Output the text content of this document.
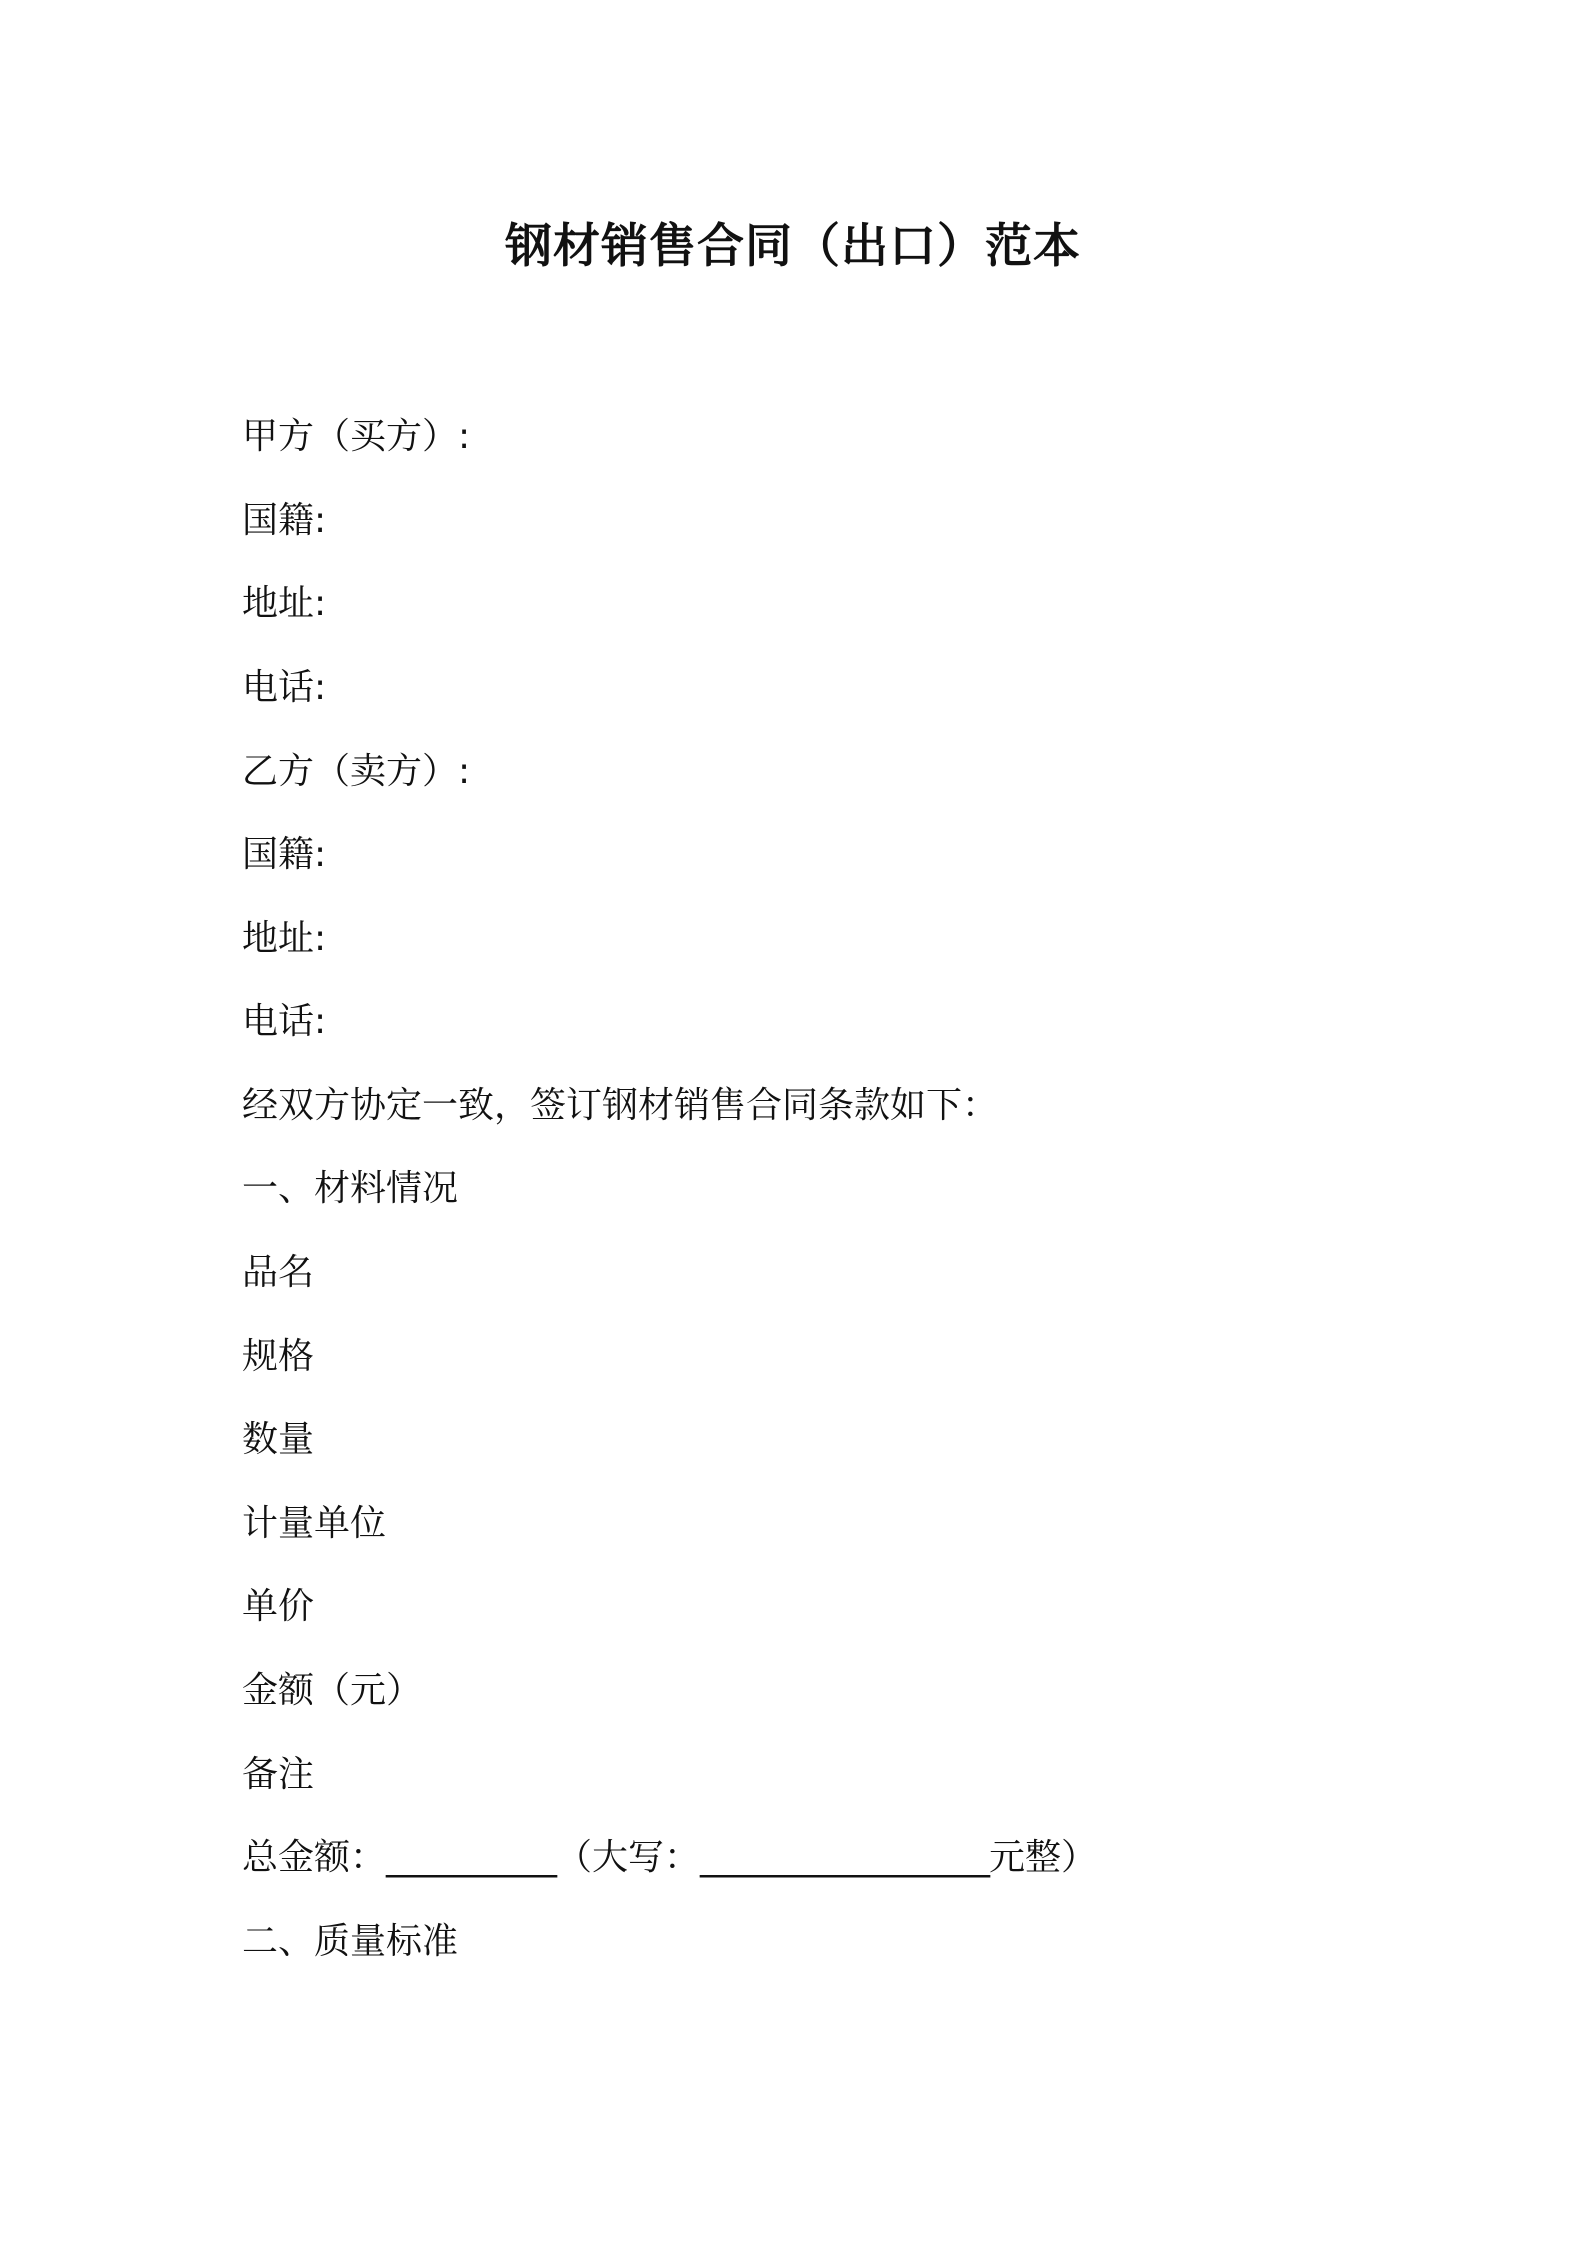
钢材销售合同（出口）范本
甲方（买方）:
国籍:
地址:
电话:
乙方（卖方）:
国籍:
地址:
电话:
经双方协定一致，签订钢材销售合同条款如下：
一、材料情况
品名
规格
数量
计量单位
单价
金额（元）
备注
总金额：__________（大写：_________________元整）
二、质量标准
